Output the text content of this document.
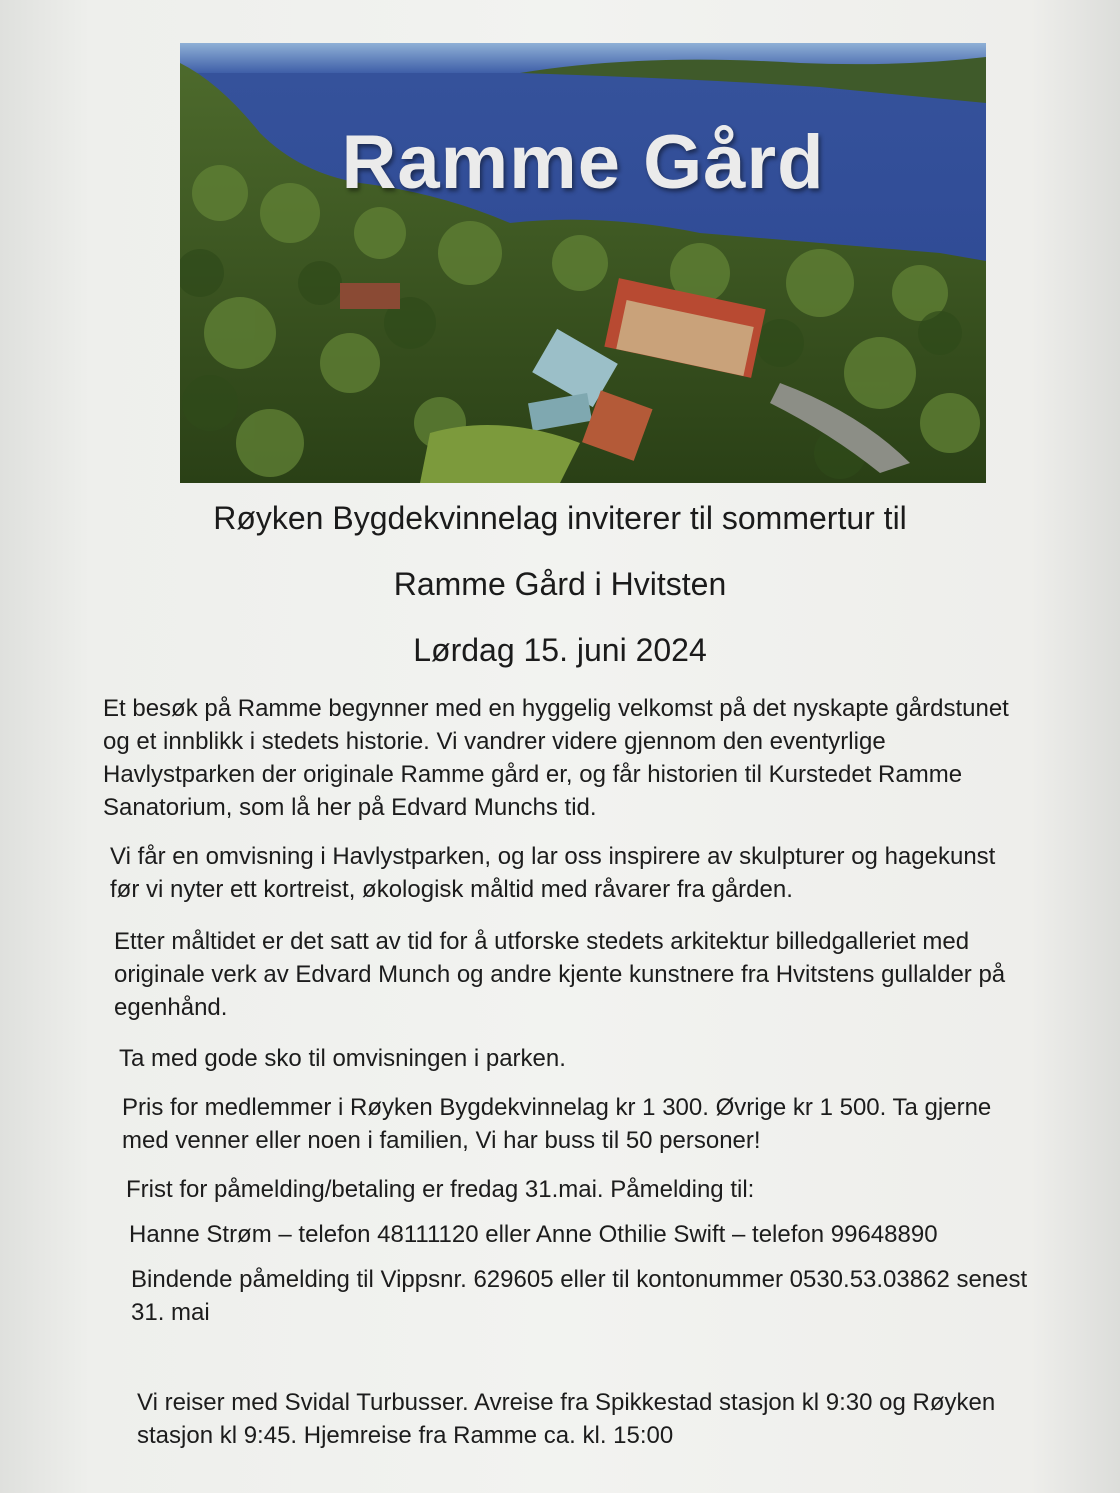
Ramme Gård
Røyken Bygdekvinnelag inviterer til sommertur til
Ramme Gård i Hvitsten
Lørdag 15. juni 2024
Et besøk på Ramme begynner med en hyggelig velkomst på det nyskapte gårdstunet
og et innblikk i stedets historie. Vi vandrer videre gjennom den eventyrlige
Havlystparken der originale Ramme gård er, og får historien til Kurstedet Ramme
Sanatorium, som lå her på Edvard Munchs tid.
Vi får en omvisning i Havlystparken, og lar oss inspirere av skulpturer og hagekunst
før vi nyter ett kortreist, økologisk måltid med råvarer fra gården.
Etter måltidet er det satt av tid for å utforske stedets arkitektur billedgalleriet med
originale verk av Edvard Munch og andre kjente kunstnere fra Hvitstens gullalder på
egenhånd.
Ta med gode sko til omvisningen i parken.
Pris for medlemmer i Røyken Bygdekvinnelag kr 1 300. Øvrige kr 1 500. Ta gjerne
med venner eller noen i familien, Vi har buss til 50 personer!
Frist for påmelding/betaling er fredag 31.mai. Påmelding til:
Hanne Strøm – telefon 48111120 eller Anne Othilie Swift – telefon 99648890
Bindende påmelding til Vippsnr. 629605 eller til kontonummer 0530.53.03862 senest
31. mai
Vi reiser med Svidal Turbusser. Avreise fra Spikkestad stasjon kl 9:30 og Røyken
stasjon kl 9:45. Hjemreise fra Ramme ca. kl. 15:00
